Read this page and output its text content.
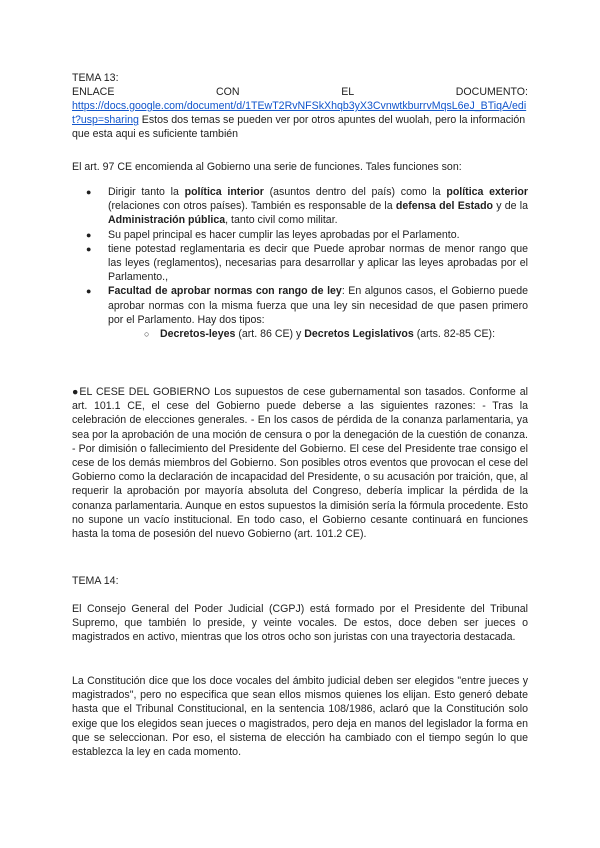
TEMA 13:

ENLACE	CON	EL	DOCUMENTO:

https://docs.google.com/document/d/1TEwT2RvNFSkXhqb3yX3CvnwtkburrvMqsL6eJ_BTiqA/edit?usp=sharing Estos dos temas se pueden ver por otros apuntes del wuolah, pero la información que esta aqui es suficiente también

El art. 97 CE encomienda al Gobierno una serie de funciones. Tales funciones son:

● Dirigir tanto la política interior (asuntos dentro del país) como la política exterior (relaciones con otros países). También es responsable de la defensa del Estado y de la Administración pública, tanto civil como militar.
● Su papel principal es hacer cumplir las leyes aprobadas por el Parlamento.
● tiene potestad reglamentaria es decir que Puede aprobar normas de menor rango que las leyes (reglamentos), necesarias para desarrollar y aplicar las leyes aprobadas por el Parlamento.,
● Facultad de aprobar normas con rango de ley: En algunos casos, el Gobierno puede aprobar normas con la misma fuerza que una ley sin necesidad de que pasen primero por el Parlamento. Hay dos tipos:
○ Decretos-leyes (art. 86 CE) y Decretos Legislativos (arts. 82-85 CE):

●EL CESE DEL GOBIERNO Los supuestos de cese gubernamental son tasados. Conforme al art. 101.1 CE, el cese del Gobierno puede deberse a las siguientes razones: - Tras la celebración de elecciones generales. - En los casos de pérdida de la conanza parlamentaria, ya sea por la aprobación de una moción de censura o por la denegación de la cuestión de conanza. - Por dimisión o fallecimiento del Presidente del Gobierno. El cese del Presidente trae consigo el cese de los demás miembros del Gobierno. Son posibles otros eventos que provocan el cese del Gobierno como la declaración de incapacidad del Presidente, o su acusación por traición, que, al requerir la aprobación por mayoría absoluta del Congreso, debería implicar la pérdida de la conanza parlamentaria. Aunque en estos supuestos la dimisión sería la fórmula procedente. Esto no supone un vacío institucional. En todo caso, el Gobierno cesante continuará en funciones hasta la toma de posesión del nuevo Gobierno (art. 101.2 CE).

TEMA 14:

El Consejo General del Poder Judicial (CGPJ) está formado por el Presidente del Tribunal Supremo, que también lo preside, y veinte vocales. De estos, doce deben ser jueces o magistrados en activo, mientras que los otros ocho son juristas con una trayectoria destacada.

La Constitución dice que los doce vocales del ámbito judicial deben ser elegidos "entre jueces y magistrados", pero no especifica que sean ellos mismos quienes los elijan. Esto generó debate hasta que el Tribunal Constitucional, en la sentencia 108/1986, aclaró que la Constitución solo exige que los elegidos sean jueces o magistrados, pero deja en manos del legislador la forma en que se seleccionan. Por eso, el sistema de elección ha cambiado con el tiempo según lo que establezca la ley en cada momento.
